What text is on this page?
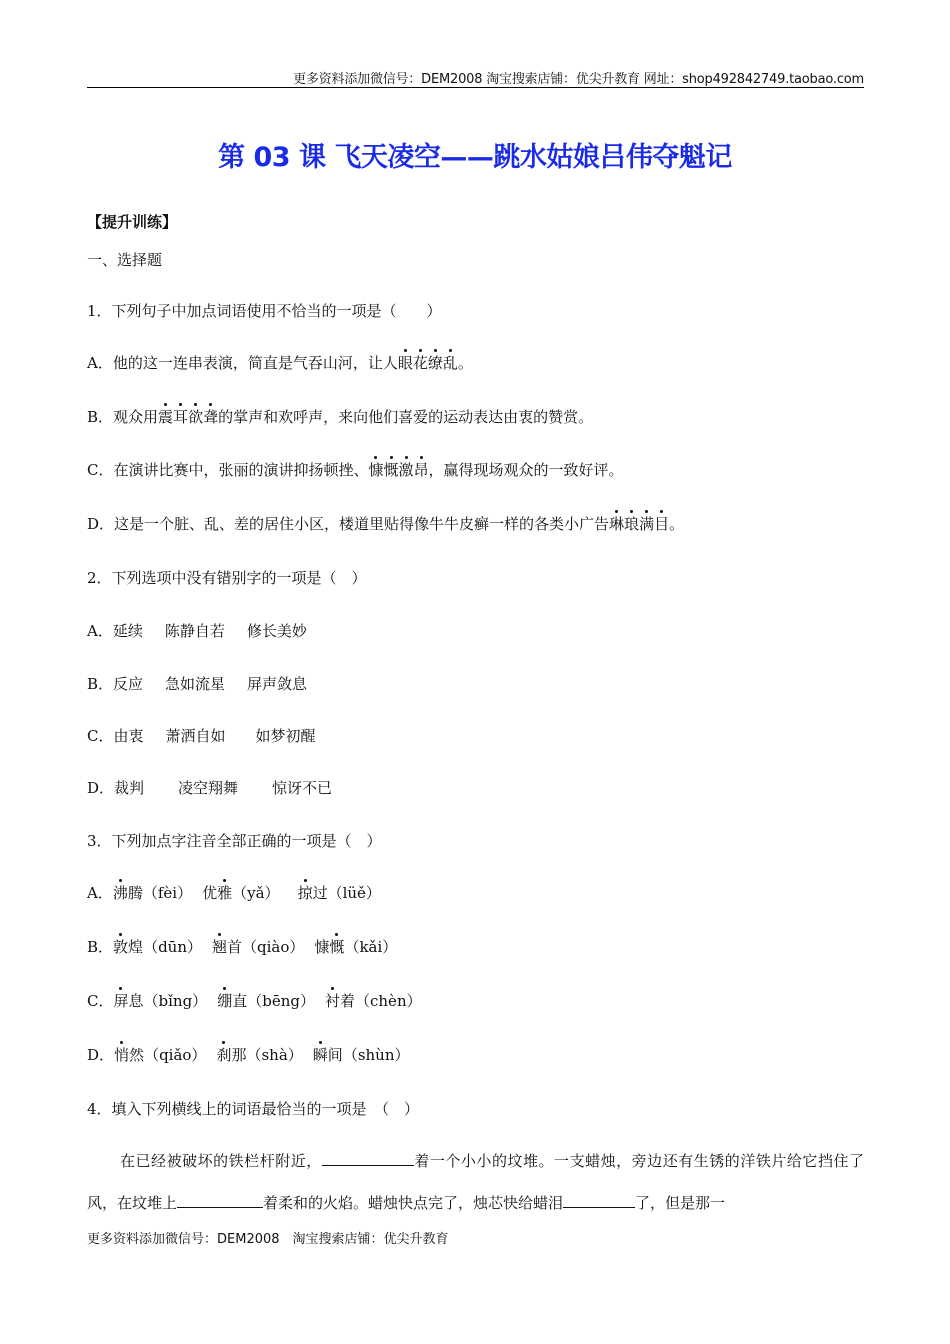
更多资料添加微信号：DEM2008 淘宝搜索店铺：优尖升教育 网址：shop492842749.taobao.com
第 03 课 飞天凌空——跳水姑娘吕伟夺魁记
【提升训练】
一、选择题
1．下列句子中加点词语使用不恰当的一项是（　　）
A．他的这一连串表演，简直是气吞山河，让人眼花缭乱。
B．观众用震耳欲聋的掌声和欢呼声，来向他们喜爱的运动表达由衷的赞赏。
C．在演讲比赛中，张丽的演讲抑扬顿挫、慷慨激昂，赢得现场观众的一致好评。
D．这是一个脏、乱、差的居住小区，楼道里贴得像牛牛皮癣一样的各类小广告琳琅满目。
2．下列选项中没有错别字的一项是（　）
A．延续 陈静自若 修长美妙
B．反应 急如流星 屏声敛息
C．由衷 萧洒自如 如梦初醒
D．裁判 凌空翔舞 惊讶不已
3．下列加点字注音全部正确的一项是（　）
A．沸腾（fèi） 优雅（yǎ） 掠过（lüě）
B．敦煌（dūn） 翘首（qiào） 慷慨（kǎi）
C．屏息（bǐng） 绷直（bēng） 衬着（chèn）
D．悄然（qiǎo） 刹那（shà） 瞬间（shùn）
4．填入下列横线上的词语最恰当的一项是　（　）
在已经被破坏的铁栏杆附近，	着一个小小的坟堆。一支蜡烛，旁边还有生锈的洋铁片给它挡住了风，在坟堆上	着柔和的火焰。蜡烛快点完了，烛芯快给蜡泪	了，但是那一
更多资料添加微信号：DEM2008　淘宝搜索店铺：优尖升教育
